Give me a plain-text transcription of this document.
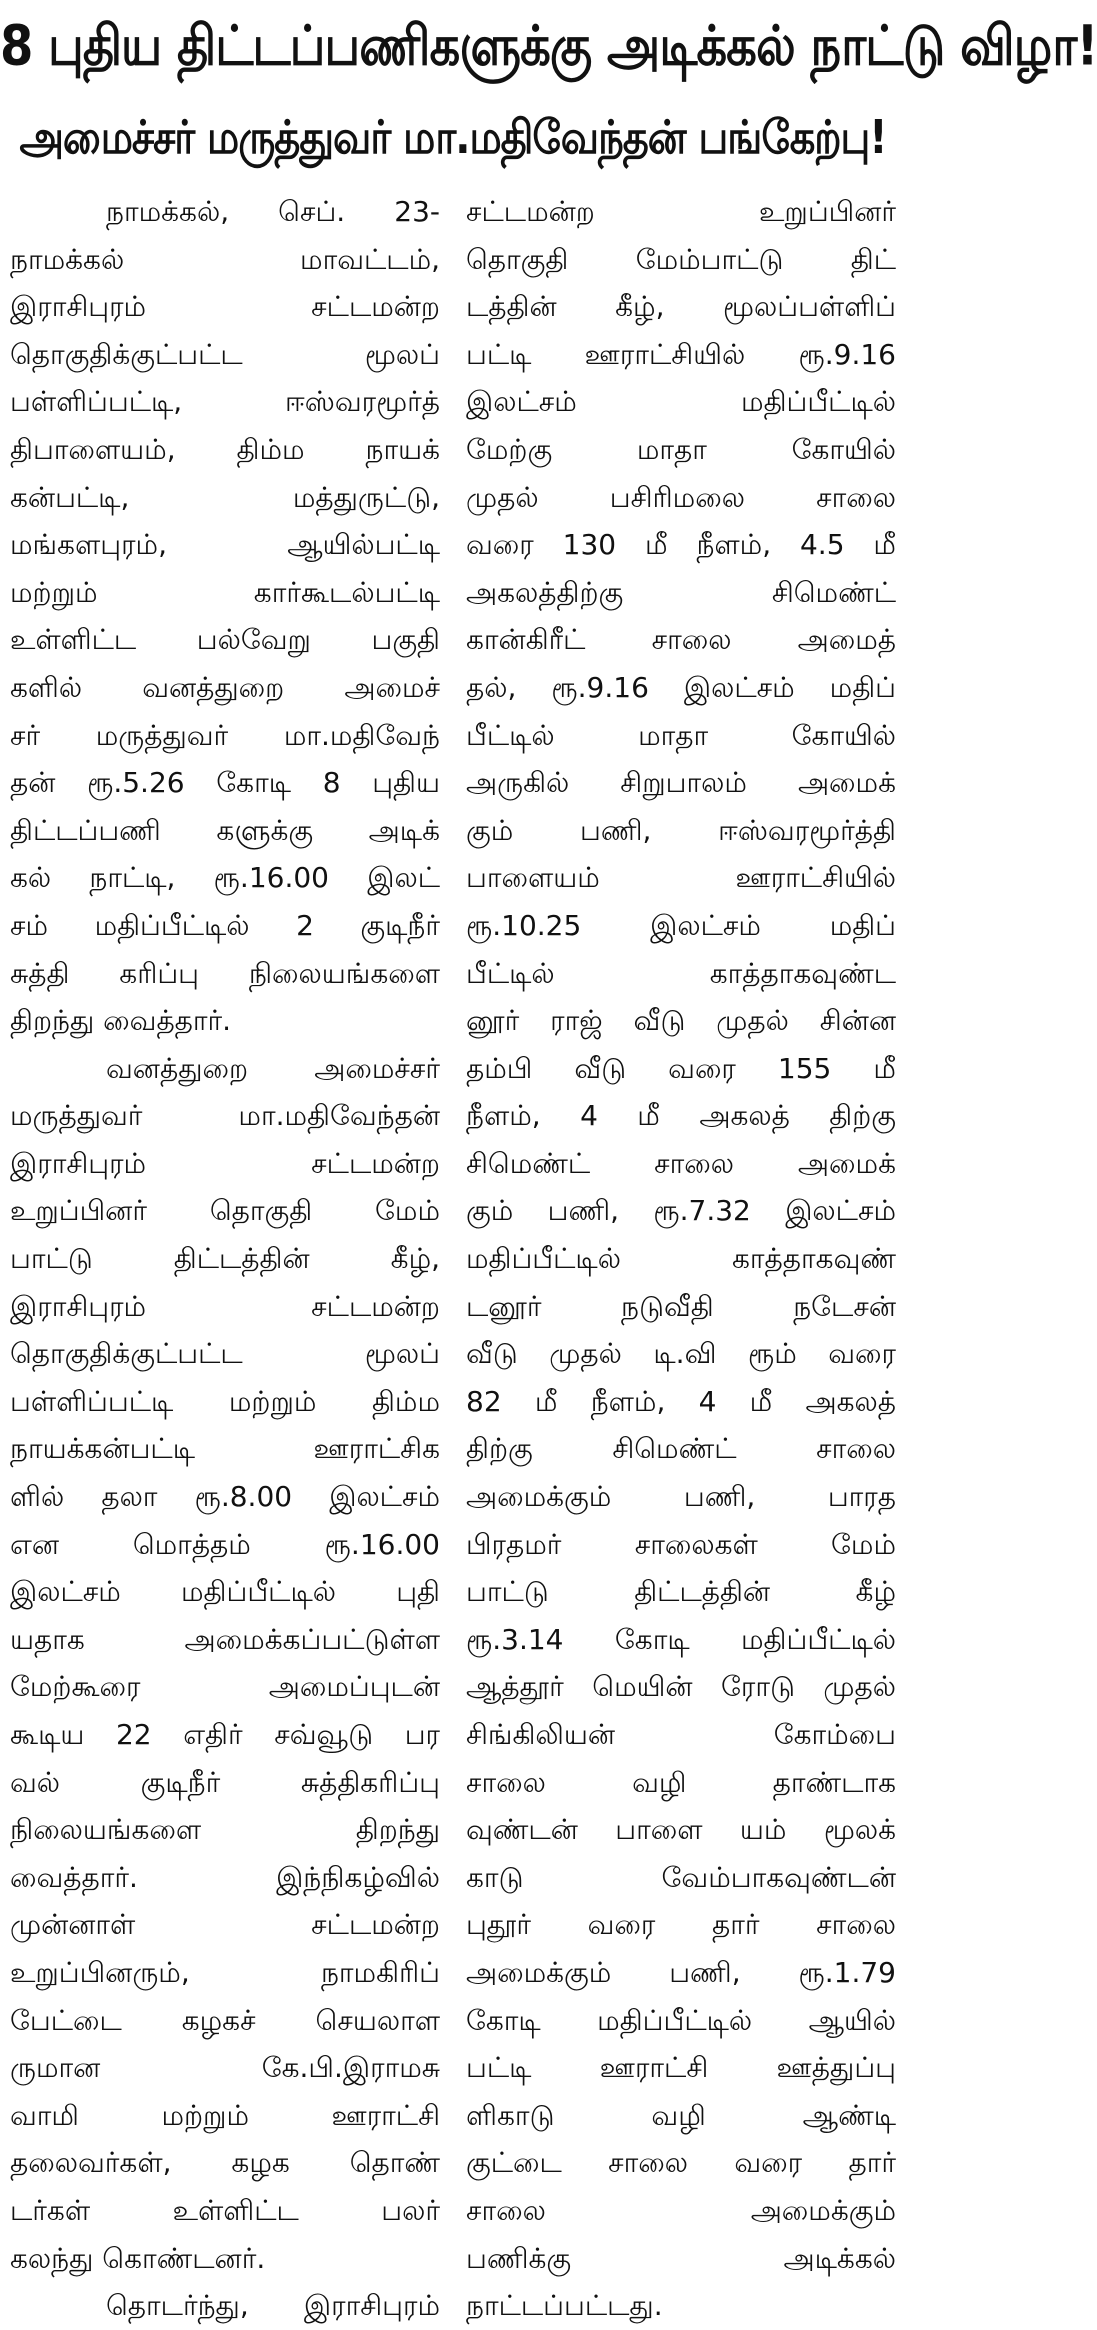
8 புதிய திட்டப்பணிகளுக்கு அடிக்கல் நாட்டு விழா!
அமைச்சர் மருத்துவர் மா.மதிவேந்தன் பங்கேற்பு!
நாமக்கல், செப். 23-
நாமக்கல் மாவட்டம்,
இராசிபுரம் சட்டமன்ற
தொகுதிக்குட்பட்ட மூலப்
பள்ளிப்பட்டி, ஈஸ்வரமூர்த்
திபாளையம், திம்ம நாயக்
கன்பட்டி, மத்துருட்டு,
மங்களபுரம், ஆயில்பட்டி
மற்றும் கார்கூடல்பட்டி
உள்ளிட்ட பல்வேறு பகுதி
களில் வனத்துறை அமைச்
சர் மருத்துவர் மா.மதிவேந்
தன் ரூ.5.26 கோடி 8 புதிய
திட்டப்பணி களுக்கு அடிக்
கல் நாட்டி, ரூ.16.00 இலட்
சம் மதிப்பீட்டில் 2 குடிநீர்
சுத்தி கரிப்பு நிலையங்களை
திறந்து வைத்தார்.
வனத்துறை அமைச்சர்
மருத்துவர் மா.மதிவேந்தன்
இராசிபுரம் சட்டமன்ற
உறுப்பினர் தொகுதி மேம்
பாட்டு திட்டத்தின் கீழ்,
இராசிபுரம் சட்டமன்ற
தொகுதிக்குட்பட்ட மூலப்
பள்ளிப்பட்டி மற்றும் திம்ம
நாயக்கன்பட்டி ஊராட்சிக
ளில் தலா ரூ.8.00 இலட்சம்
என மொத்தம் ரூ.16.00
இலட்சம் மதிப்பீட்டில் புதி
யதாக அமைக்கப்பட்டுள்ள
மேற்கூரை அமைப்புடன்
கூடிய 22 எதிர் சவ்வூடு பர
வல் குடிநீர் சுத்திகரிப்பு
நிலையங்களை திறந்து
வைத்தார். இந்நிகழ்வில்
முன்னாள் சட்டமன்ற
உறுப்பினரும், நாமகிரிப்
பேட்டை கழகச் செயலாள
ருமான கே.பி.இராமசு
வாமி மற்றும் ஊராட்சி
தலைவர்கள், கழக தொண்
டர்கள் உள்ளிட்ட பலர்
கலந்து கொண்டனர்.
தொடர்ந்து, இராசிபுரம்
சட்டமன்ற உறுப்பினர்
தொகுதி மேம்பாட்டு திட்
டத்தின் கீழ், மூலப்பள்ளிப்
பட்டி ஊராட்சியில் ரூ.9.16
இலட்சம் மதிப்பீட்டில்
மேற்கு மாதா கோயில்
முதல் பசிரிமலை சாலை
வரை 130 மீ நீளம், 4.5 மீ
அகலத்திற்கு சிமெண்ட்
கான்கிரீட் சாலை அமைத்
தல், ரூ.9.16 இலட்சம் மதிப்
பீட்டில் மாதா கோயில்
அருகில் சிறுபாலம் அமைக்
கும் பணி, ஈஸ்வரமூர்த்தி
பாளையம் ஊராட்சியில்
ரூ.10.25 இலட்சம் மதிப்
பீட்டில் காத்தாகவுண்ட
னூர் ராஜ் வீடு முதல் சின்ன
தம்பி வீடு வரை 155 மீ
நீளம், 4 மீ அகலத் திற்கு
சிமெண்ட் சாலை அமைக்
கும் பணி, ரூ.7.32 இலட்சம்
மதிப்பீட்டில் காத்தாகவுண்
டனூர் நடுவீதி நடேசன்
வீடு முதல் டி.வி ரூம் வரை
82 மீ நீளம், 4 மீ அகலத்
திற்கு சிமெண்ட் சாலை
அமைக்கும் பணி, பாரத
பிரதமர் சாலைகள் மேம்
பாட்டு திட்டத்தின் கீழ்
ரூ.3.14 கோடி மதிப்பீட்டில்
ஆத்தூர் மெயின் ரோடு முதல்
சிங்கிலியன் கோம்பை
சாலை வழி தாண்டாக
வுண்டன் பாளை யம் மூலக்
காடு வேம்பாகவுண்டன்
புதூர் வரை தார் சாலை
அமைக்கும் பணி, ரூ.1.79
கோடி மதிப்பீட்டில் ஆயில்
பட்டி ஊராட்சி ஊத்துப்பு
ளிகாடு வழி ஆண்டி
குட்டை சாலை வரை தார்
சாலை அமைக்கும்
பணிக்கு அடிக்கல்
நாட்டப்பட்டது.
